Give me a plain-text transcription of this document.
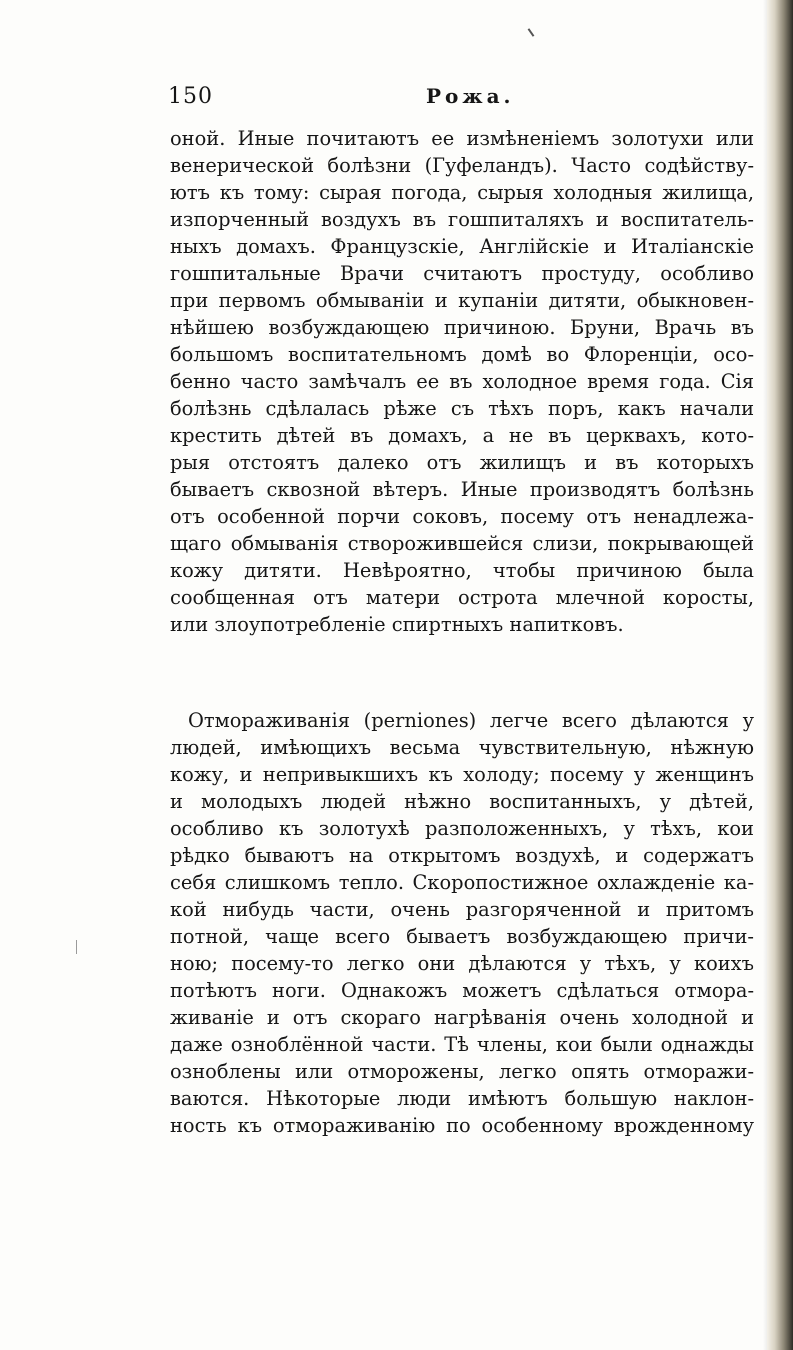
150	Рожа.
оной. Иные почитаютъ ее измѣненіемъ золотухи или
венерической болѣзни (Гуфеландъ). Часто содѣйству-
ютъ къ тому: сырая погода, сырыя холодныя жилища,
изпорченный воздухъ въ гошпиталяхъ и воспитатель-
ныхъ домахъ. Французскіе, Англійскіе и Италіанскіе
гошпитальные Врачи считаютъ простуду, особливо
при первомъ обмываніи и купаніи дитяти, обыкновен-
нѣйшею возбуждающею причиною. Бруни, Врачь въ
большомъ воспитательномъ домѣ во Флоренціи, осо-
бенно часто замѣчалъ ее въ холодное время года. Сія
болѣзнь сдѣлалась рѣже съ тѣхъ поръ, какъ начали
крестить дѣтей въ домахъ, а не въ церквахъ, кото-
рыя отстоятъ далеко отъ жилищъ и въ которыхъ
бываетъ сквозной вѣтеръ. Иные производятъ болѣзнь
отъ особенной порчи соковъ, посему отъ ненадлежа-
щаго обмыванія створожившейся слизи, покрывающей
кожу дитяти. Невѣроятно, чтобы причиною была
сообщенная отъ матери острота млечной коросты,
или злоупотребленіе спиртныхъ напитковъ.
Отмораживанія (perniones) легче всего дѣлаются у
людей, имѣющихъ весьма чувствительную, нѣжную
кожу, и непривыкшихъ къ холоду; посему у женщинъ
и молодыхъ людей нѣжно воспитанныхъ, у дѣтей,
особливо къ золотухѣ разположенныхъ, у тѣхъ, кои
рѣдко бываютъ на открытомъ воздухѣ, и содержатъ
себя слишкомъ тепло. Скоропостижное охлажденіе ка-
кой нибудь части, очень разгоряченной и притомъ
потной, чаще всего бываетъ возбуждающею причи-
ною; посему-то легко они дѣлаются у тѣхъ, у коихъ
потѣютъ ноги. Однакожъ можетъ сдѣлаться отмора-
живаніе и отъ скораго нагрѣванія очень холодной и
даже озноблённой части. Тѣ члены, кои были однажды
озноблены или отморожены, легко опять отморажи-
ваются. Нѣкоторые люди имѣютъ большую наклон-
ность къ отмораживанію по особенному врожденному
